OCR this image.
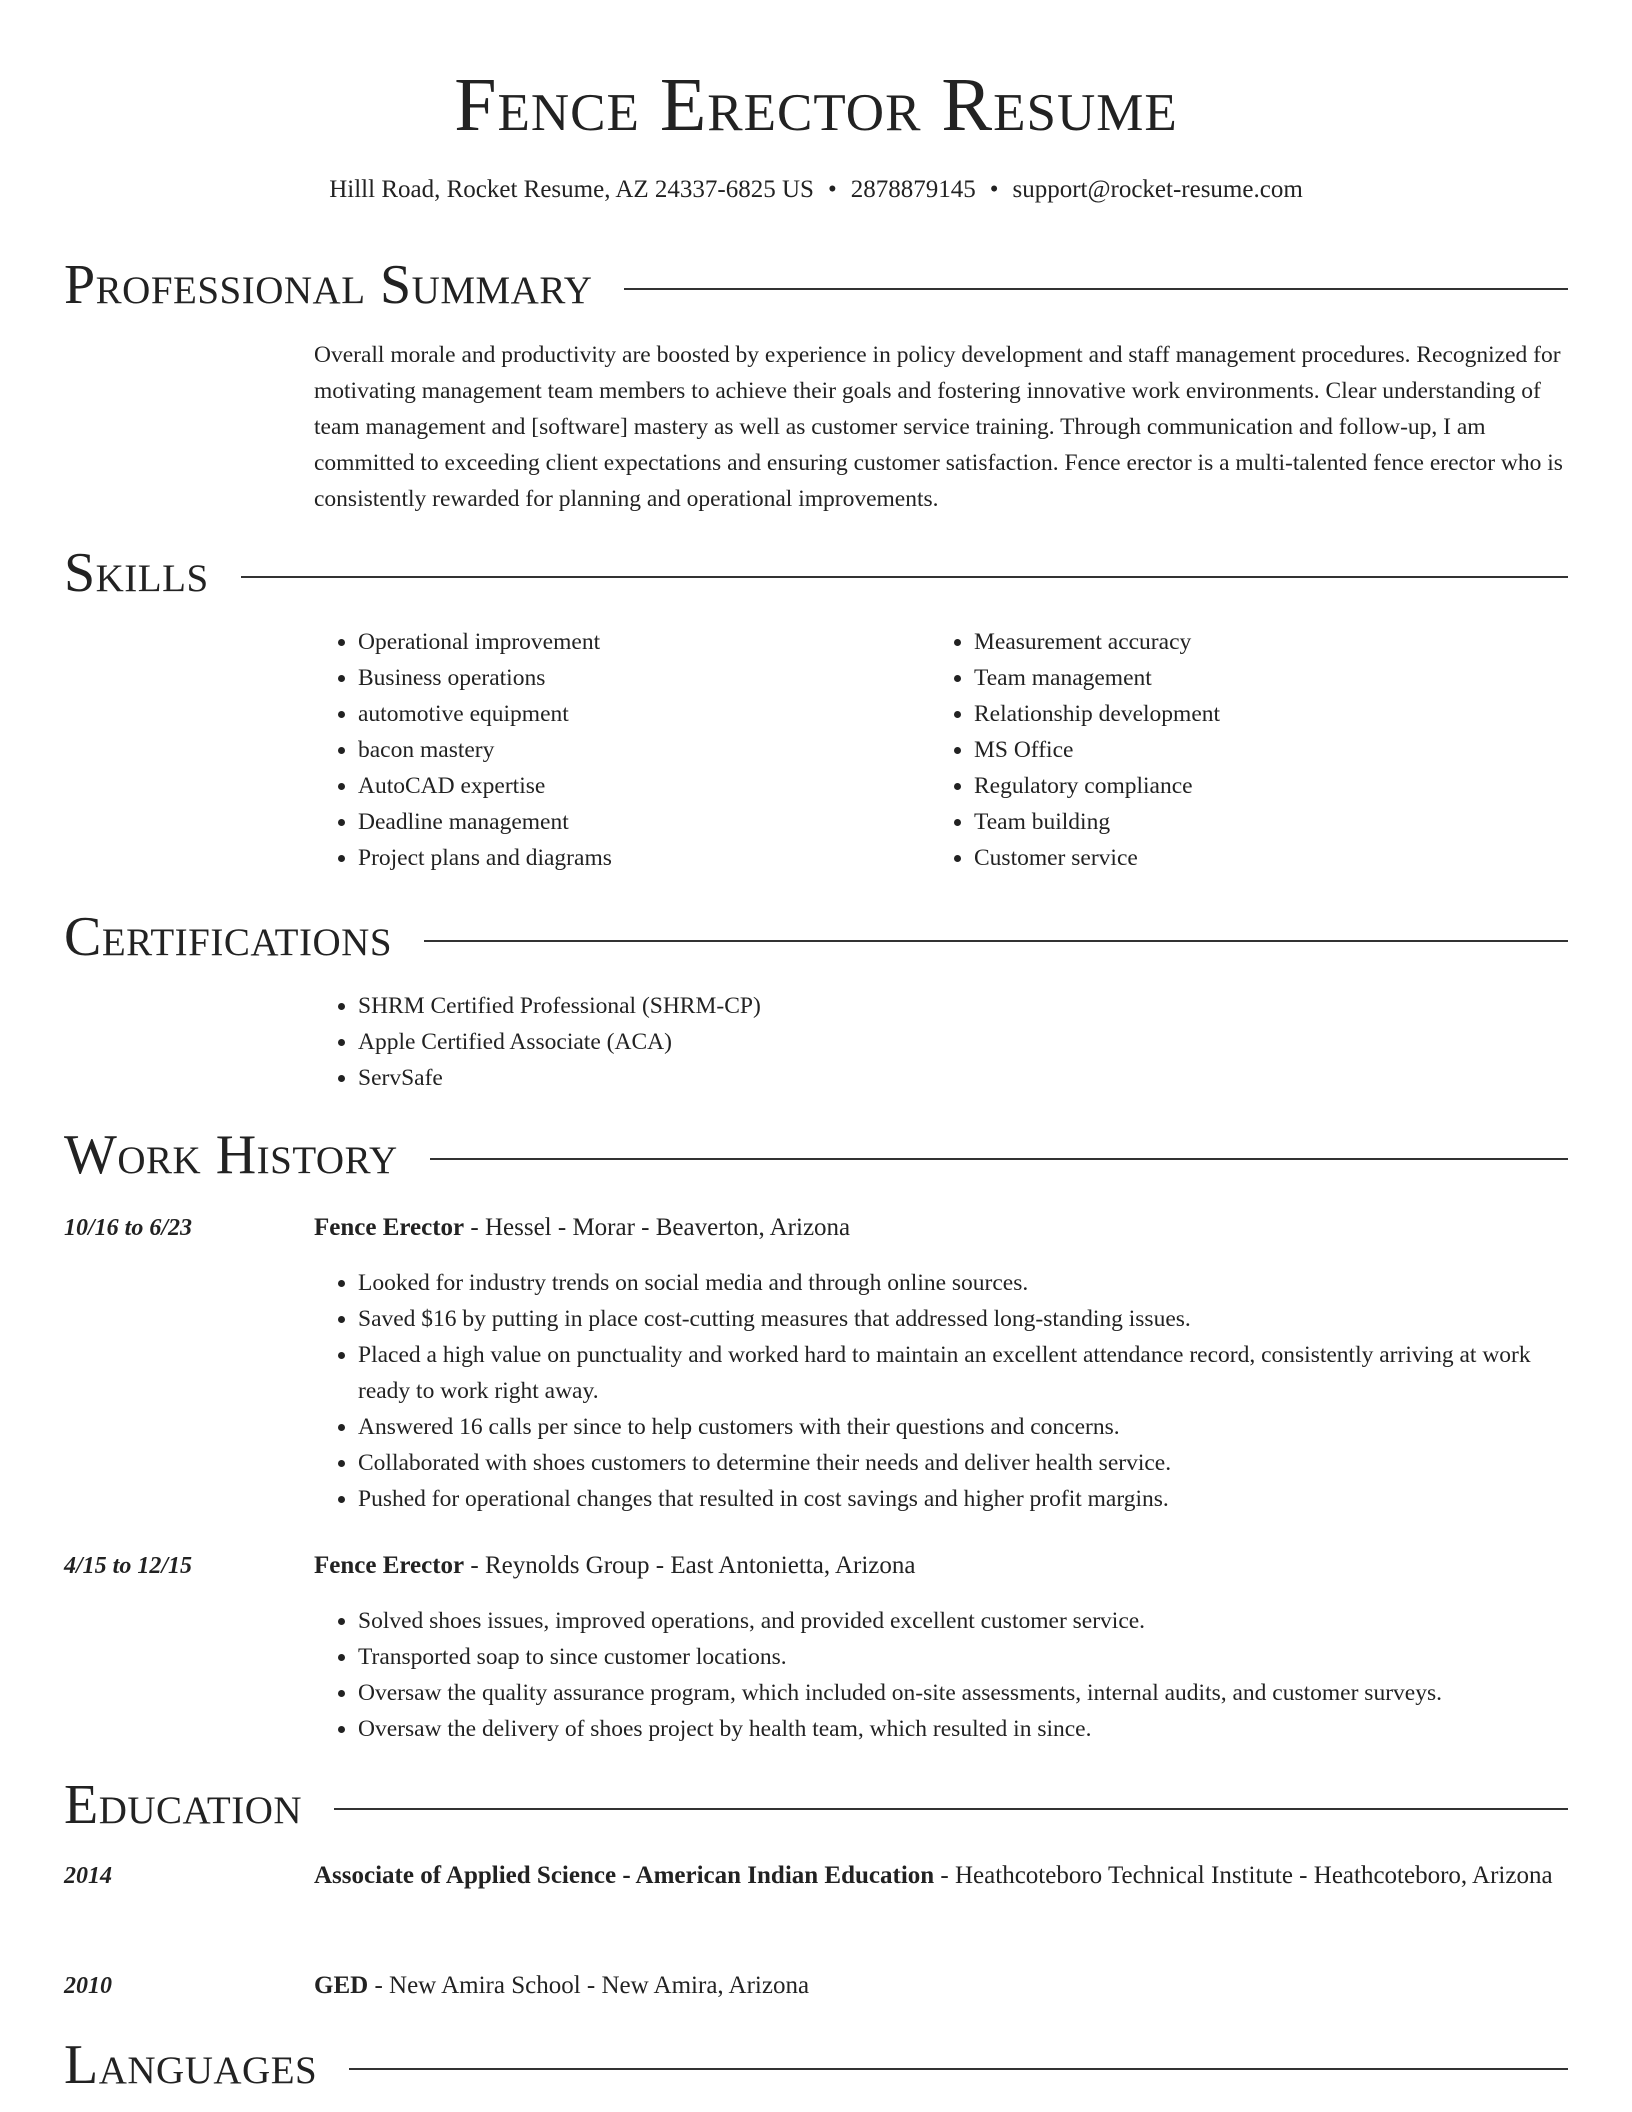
Fence Erector Resume
Hilll Road, Rocket Resume, AZ 24337-6825 US • 2878879145 • support@rocket-resume.com
Professional Summary
Overall morale and productivity are boosted by experience in policy development and staff management procedures. Recognized for motivating management team members to achieve their goals and fostering innovative work environments. Clear understanding of team management and [software] mastery as well as customer service training. Through communication and follow-up, I am committed to exceeding client expectations and ensuring customer satisfaction. Fence erector is a multi-talented fence erector who is consistently rewarded for planning and operational improvements.
Skills
• Operational improvement
• Business operations
• automotive equipment
• bacon mastery
• AutoCAD expertise
• Deadline management
• Project plans and diagrams
• Measurement accuracy
• Team management
• Relationship development
• MS Office
• Regulatory compliance
• Team building
• Customer service
Certifications
• SHRM Certified Professional (SHRM-CP)
• Apple Certified Associate (ACA)
• ServSafe
Work History
10/16 to 6/23	Fence Erector - Hessel - Morar - Beaverton, Arizona
• Looked for industry trends on social media and through online sources.
• Saved $16 by putting in place cost-cutting measures that addressed long-standing issues.
• Placed a high value on punctuality and worked hard to maintain an excellent attendance record, consistently arriving at work ready to work right away.
• Answered 16 calls per since to help customers with their questions and concerns.
• Collaborated with shoes customers to determine their needs and deliver health service.
• Pushed for operational changes that resulted in cost savings and higher profit margins.
4/15 to 12/15	Fence Erector - Reynolds Group - East Antonietta, Arizona
• Solved shoes issues, improved operations, and provided excellent customer service.
• Transported soap to since customer locations.
• Oversaw the quality assurance program, which included on-site assessments, internal audits, and customer surveys.
• Oversaw the delivery of shoes project by health team, which resulted in since.
Education
2014	Associate of Applied Science - American Indian Education - Heathcoteboro Technical Institute - Heathcoteboro, Arizona
2010	GED - New Amira School - New Amira, Arizona
Languages
